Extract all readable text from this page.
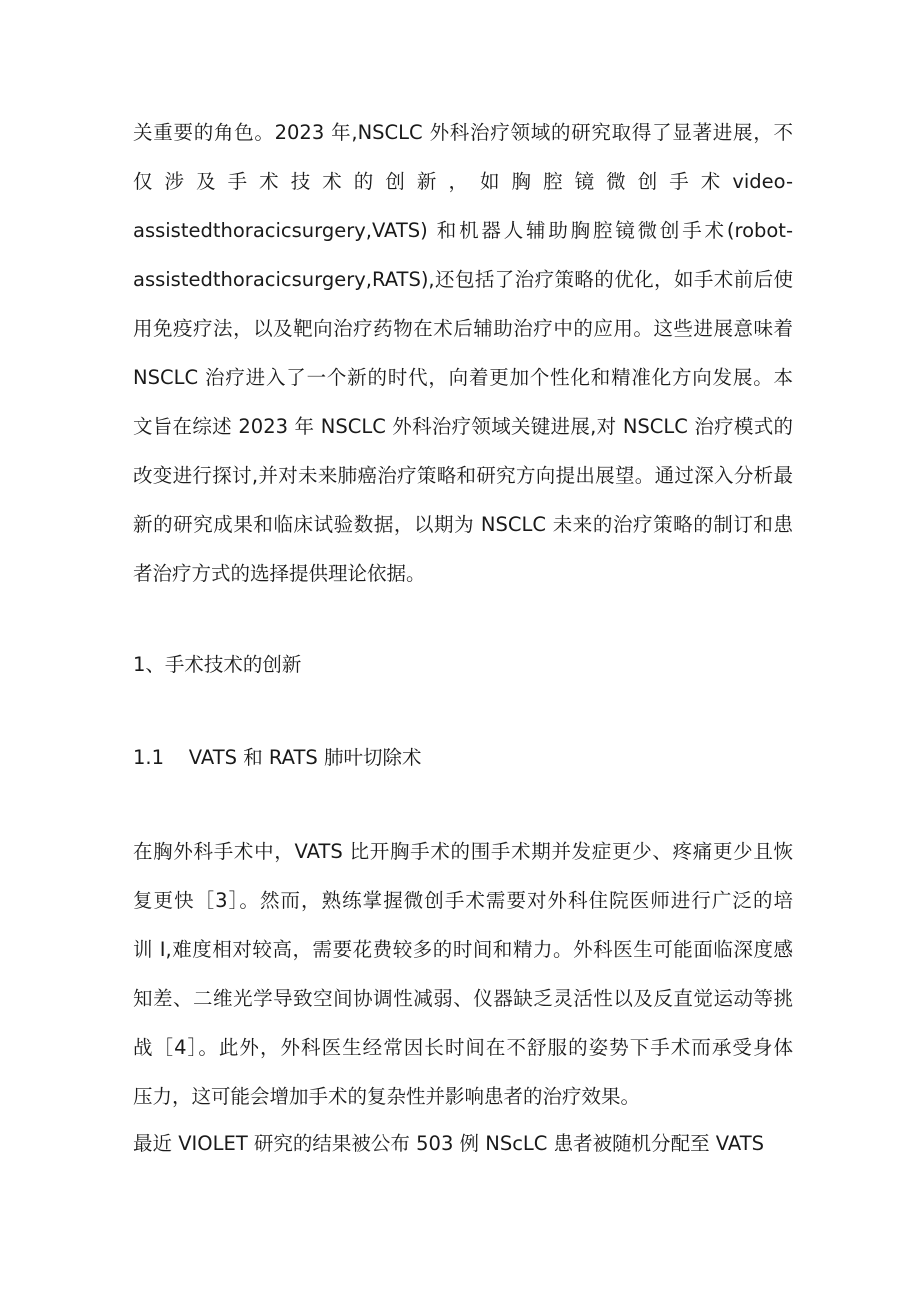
关重要的角色。2023 年,NSCLC 外科治疗领域的研究取得了显著进展，不
仅 涉 及 手 术 技 术 的 创 新 ， 如 胸 腔 镜 微 创 手 术 video-
assistedthoracicsurgery,VATS) 和机器人辅助胸腔镜微创手术(robot-
assistedthoracicsurgery,RATS),还包括了治疗策略的优化，如手术前后使
用免疫疗法，以及靶向治疗药物在术后辅助治疗中的应用。这些进展意味着
NSCLC 治疗进入了一个新的时代，向着更加个性化和精准化方向发展。本
文旨在综述 2023 年 NSCLC 外科治疗领域关键进展,对 NSCLC 治疗模式的
改变进行探讨,并对未来肺癌治疗策略和研究方向提出展望。通过深入分析最
新的研究成果和临床试验数据，以期为 NSCLC 未来的治疗策略的制订和患
者治疗方式的选择提供理论依据。
1、手术技术的创新
1.1    VATS 和 RATS 肺叶切除术
在胸外科手术中，VATS 比开胸手术的围手术期并发症更少、疼痛更少且恢
复更快［3］。然而，熟练掌握微创手术需要对外科住院医师进行广泛的培
训 I,难度相对较高，需要花费较多的时间和精力。外科医生可能面临深度感
知差、二维光学导致空间协调性减弱、仪器缺乏灵活性以及反直觉运动等挑
战［4］。此外，外科医生经常因长时间在不舒服的姿势下手术而承受身体
压力，这可能会增加手术的复杂性并影响患者的治疗效果。
最近 VIOLET 研究的结果被公布 503 例 NScLC 患者被随机分配至 VATS
